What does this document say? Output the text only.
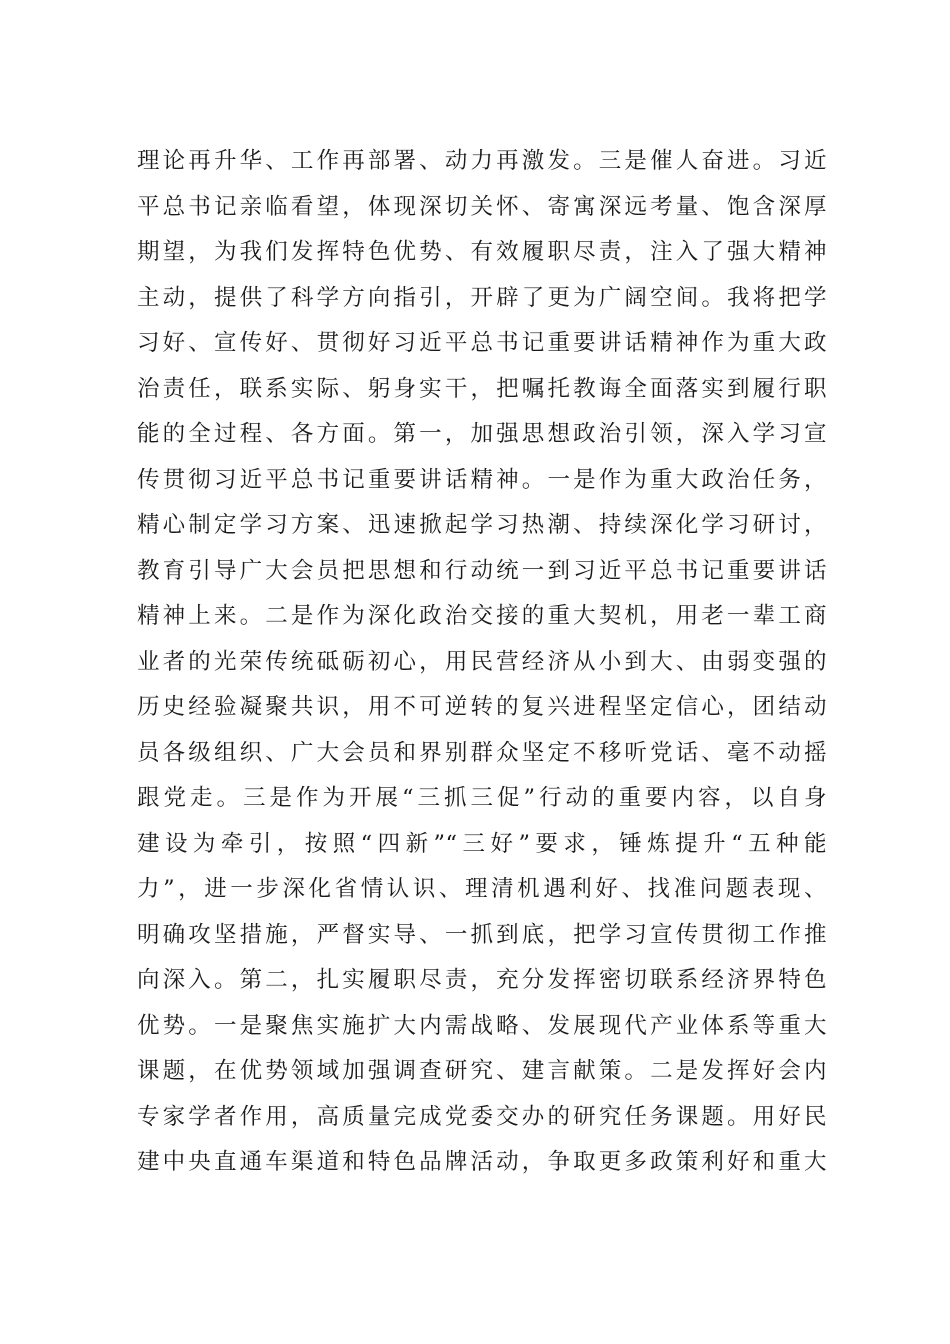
理论再升华、工作再部署、动力再激发。三是催人奋进。习近
平总书记亲临看望，体现深切关怀、寄寓深远考量、饱含深厚
期望，为我们发挥特色优势、有效履职尽责，注入了强大精神
主动，提供了科学方向指引，开辟了更为广阔空间。我将把学
习好、宣传好、贯彻好习近平总书记重要讲话精神作为重大政
治责任，联系实际、躬身实干，把嘱托教诲全面落实到履行职
能的全过程、各方面。第一，加强思想政治引领，深入学习宣
传贯彻习近平总书记重要讲话精神。一是作为重大政治任务，
精心制定学习方案、迅速掀起学习热潮、持续深化学习研讨，
教育引导广大会员把思想和行动统一到习近平总书记重要讲话
精神上来。二是作为深化政治交接的重大契机，用老一辈工商
业者的光荣传统砥砺初心，用民营经济从小到大、由弱变强的
历史经验凝聚共识，用不可逆转的复兴进程坚定信心，团结动
员各级组织、广大会员和界别群众坚定不移听党话、毫不动摇
跟党走。三是作为开展“三抓三促”行动的重要内容，以自身
建设为牵引，按照“四新”“三好”要求，锤炼提升“五种能
力”，进一步深化省情认识、理清机遇利好、找准问题表现、
明确攻坚措施，严督实导、一抓到底，把学习宣传贯彻工作推
向深入。第二，扎实履职尽责，充分发挥密切联系经济界特色
优势。一是聚焦实施扩大内需战略、发展现代产业体系等重大
课题，在优势领域加强调查研究、建言献策。二是发挥好会内
专家学者作用，高质量完成党委交办的研究任务课题。用好民
建中央直通车渠道和特色品牌活动，争取更多政策利好和重大
